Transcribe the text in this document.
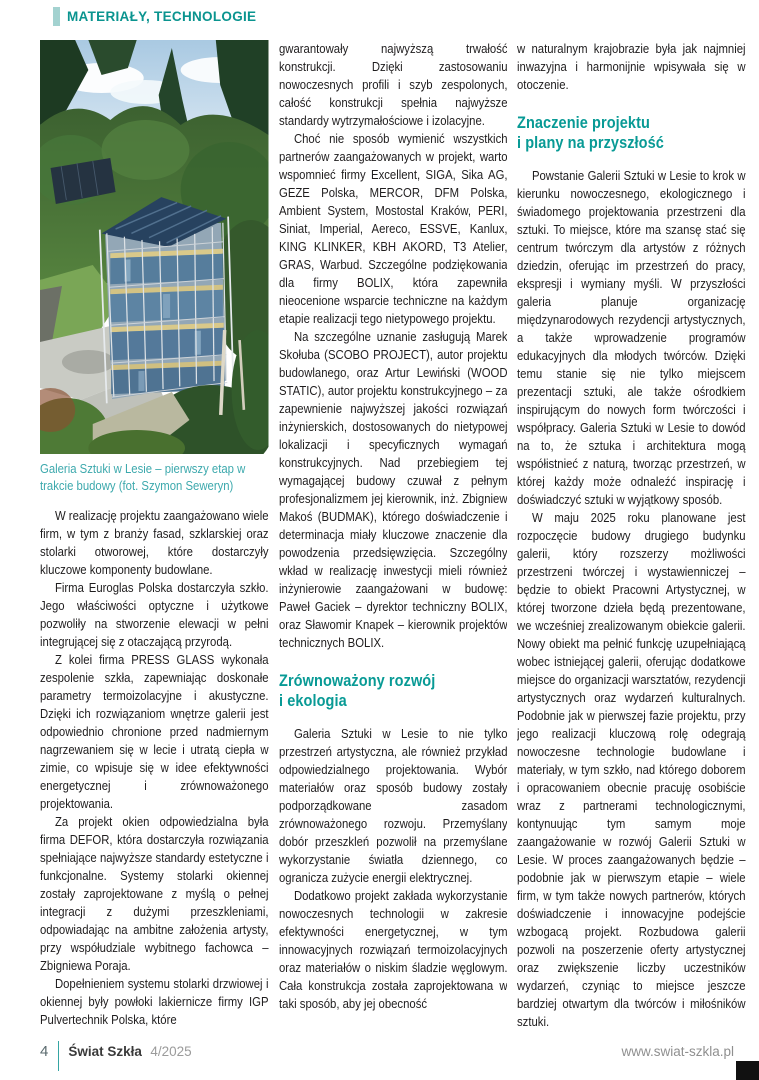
MATERIAŁY, TECHNOLOGIE
Galeria Sztuki w Lesie – pierwszy etap w trakcie budowy (fot. Szymon Seweryn)

W realizację projektu zaangażowano wiele firm, w tym z branży fasad, szklarskiej oraz stolarki otworowej, które dostarczyły kluczowe komponenty budowlane.

Firma Euroglas Polska dostarczyła szkło. Jego właściwości optyczne i użytkowe pozwoliły na stworzenie elewacji w pełni integrującej się z otaczającą przyrodą.

Z kolei firma PRESS GLASS wykonała zespolenie szkła, zapewniając doskonałe parametry termoizolacyjne i akustyczne. Dzięki ich rozwiązaniom wnętrze galerii jest odpowiednio chronione przed nadmiernym nagrzewaniem się w lecie i utratą ciepła w zimie, co wpisuje się w idee efektywności energetycznej i zrównoważonego projektowania.

Za projekt okien odpowiedzialna była firma DEFOR, która dostarczyła rozwiązania spełniające najwyższe standardy estetyczne i funkcjonalne. Systemy stolarki okiennej zostały zaprojektowane z myślą o pełnej integracji z dużymi przeszkleniami, odpowiadając na ambitne założenia artysty, przy współudziale wybitnego fachowca – Zbigniewa Poraja.

Dopełnieniem systemu stolarki drzwiowej i okiennej były powłoki lakiernicze firmy IGP Pulvertechnik Polska, które

gwarantowały najwyższą trwałość konstrukcji. Dzięki zastosowaniu nowoczesnych profili i szyb zespolonych, całość konstrukcji spełnia najwyższe standardy wytrzymałościowe i izolacyjne.

Choć nie sposób wymienić wszystkich partnerów zaangażowanych w projekt, warto wspomnieć firmy Excellent, SIGA, Sika AG, GEZE Polska, MERCOR, DFM Polska, Ambient System, Mostostal Kraków, PERI, Siniat, Imperial, Aereco, ESSVE, Kanlux, KING KLINKER, KBH AKORD, T3 Atelier, GRAS, Warbud. Szczególne podziękowania dla firmy BOLIX, która zapewniła nieocenione wsparcie techniczne na każdym etapie realizacji tego nietypowego projektu.

Na szczególne uznanie zasługują Marek Skołuba (SCOBO PROJECT), autor projektu budowlanego, oraz Artur Lewiński (WOOD STATIC), autor projektu konstrukcyjnego – za zapewnienie najwyższej jakości rozwiązań inżynierskich, dostosowanych do nietypowej lokalizacji i specyficznych wymagań konstrukcyjnych. Nad przebiegiem tej wymagającej budowy czuwał z pełnym profesjonalizmem jej kierownik, inż. Zbigniew Makoś (BUDMAK), którego doświadczenie i determinacja miały kluczowe znaczenie dla powodzenia przedsięwzięcia. Szczególny wkład w realizację inwestycji mieli również inżynierowie zaangażowani w budowę: Paweł Gaciek – dyrektor techniczny BOLIX, oraz Sławomir Knapek – kierownik projektów technicznych BOLIX.

Zrównoważony rozwój
i ekologia

Galeria Sztuki w Lesie to nie tylko przestrzeń artystyczna, ale również przykład odpowiedzialnego projektowania. Wybór materiałów oraz sposób budowy zostały podporządkowane zasadom zrównoważonego rozwoju. Przemyślany dobór przeszkleń pozwolił na przemyślane wykorzystanie światła dziennego, co ogranicza zużycie energii elektrycznej.

Dodatkowo projekt zakłada wykorzystanie nowoczesnych technologii w zakresie efektywności energetycznej, w tym innowacyjnych rozwiązań termoizolacyjnych oraz materiałów o niskim śladzie węglowym. Cała konstrukcja została zaprojektowana w taki sposób, aby jej obecność

w naturalnym krajobrazie była jak najmniej inwazyjna i harmonijnie wpisywała się w otoczenie.

Znaczenie projektu
i plany na przyszłość

Powstanie Galerii Sztuki w Lesie to krok w kierunku nowoczesnego, ekologicznego i świadomego projektowania przestrzeni dla sztuki. To miejsce, które ma szansę stać się centrum twórczym dla artystów z różnych dziedzin, oferując im przestrzeń do pracy, ekspresji i wymiany myśli. W przyszłości galeria planuje organizację międzynarodowych rezydencji artystycznych, a także wprowadzenie programów edukacyjnych dla młodych twórców. Dzięki temu stanie się nie tylko miejscem prezentacji sztuki, ale także ośrodkiem inspirującym do nowych form twórczości i współpracy. Galeria Sztuki w Lesie to dowód na to, że sztuka i architektura mogą współistnieć z naturą, tworząc przestrzeń, w której każdy może odnaleźć inspirację i doświadczyć sztuki w wyjątkowy sposób.

W maju 2025 roku planowane jest rozpoczęcie budowy drugiego budynku galerii, który rozszerzy możliwości przestrzeni twórczej i wystawienniczej – będzie to obiekt Pracowni Artystycznej, w której tworzone dzieła będą prezentowane, we wcześniej zrealizowanym obiekcie galerii. Nowy obiekt ma pełnić funkcję uzupełniającą wobec istniejącej galerii, oferując dodatkowe miejsce do organizacji warsztatów, rezydencji artystycznych oraz wydarzeń kulturalnych. Podobnie jak w pierwszej fazie projektu, przy jego realizacji kluczową rolę odegrają nowoczesne technologie budowlane i materiały, w tym szkło, nad którego doborem i opracowaniem obecnie pracuję osobiście wraz z partnerami technologicznymi, kontynuując tym samym moje zaangażowanie w rozwój Galerii Sztuki w Lesie. W proces zaangażowanych będzie – podobnie jak w pierwszym etapie – wiele firm, w tym także nowych partnerów, których doświadczenie i innowacyjne podejście wzbogacą projekt. Rozbudowa galerii pozwoli na poszerzenie oferty artystycznej oraz zwiększenie liczby uczestników wydarzeń, czyniąc to miejsce jeszcze bardziej otwartym dla twórców i miłośników sztuki.

4 Świat Szkła 4/2025	www.swiat-szkla.pl
